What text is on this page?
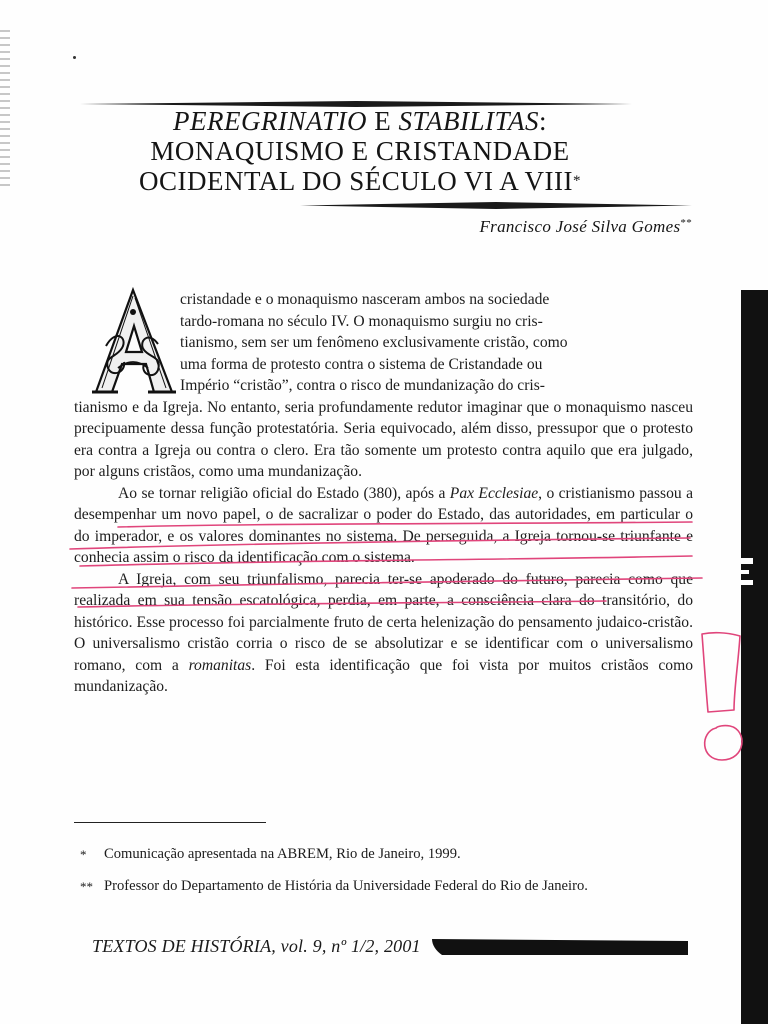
PEREGRINATIO E STABILITAS:
MONAQUISMO E CRISTANDADE
OCIDENTAL DO SÉCULO VI A VIII*
Francisco José Silva Gomes**

cristandade e o monaquismo nasceram ambos na sociedade
tardo-romana no século IV. O monaquismo surgiu no cris-
tianismo, sem ser um fenômeno exclusivamente cristão, como
uma forma de protesto contra o sistema de Cristandade ou
Império “cristão”, contra o risco de mundanização do cris-
tianismo e da Igreja. No entanto, seria profundamente redutor imaginar que o monaquismo nasceu precipuamente dessa função protestatória. Seria equivocado, além disso, pressupor que o protesto era contra a Igreja ou contra o clero. Era tão somente um protesto contra aquilo que era julgado, por alguns cristãos, como uma mundanização.

Ao se tornar religião oficial do Estado (380), após a Pax Ecclesiae, o cristianismo passou a desempenhar um novo papel, o de sacralizar o poder do Estado, das autoridades, em particular o do imperador, e os valores dominantes no sistema. De perseguida, a Igreja tornou-se triunfante e conhecia assim o risco da identificação com o sistema.

A Igreja, com seu triunfalismo, parecia ter-se apoderado do futuro, parecia como que realizada em sua tensão escatológica, perdia, em parte, a consciência clara do transitório, do histórico. Esse processo foi parcialmente fruto de certa helenização do pensamento judaico-cristão. O universalismo cristão corria o risco de se absolutizar e se identificar com o universalismo romano, com a romanitas. Foi esta identificação que foi vista por muitos cristãos como mundanização.

*	Comunicação apresentada na ABREM, Rio de Janeiro, 1999.
** Professor do Departamento de História da Universidade Federal do Rio de Janeiro.
TEXTOS DE HISTÓRIA, vol. 9, nº 1/2, 2001
